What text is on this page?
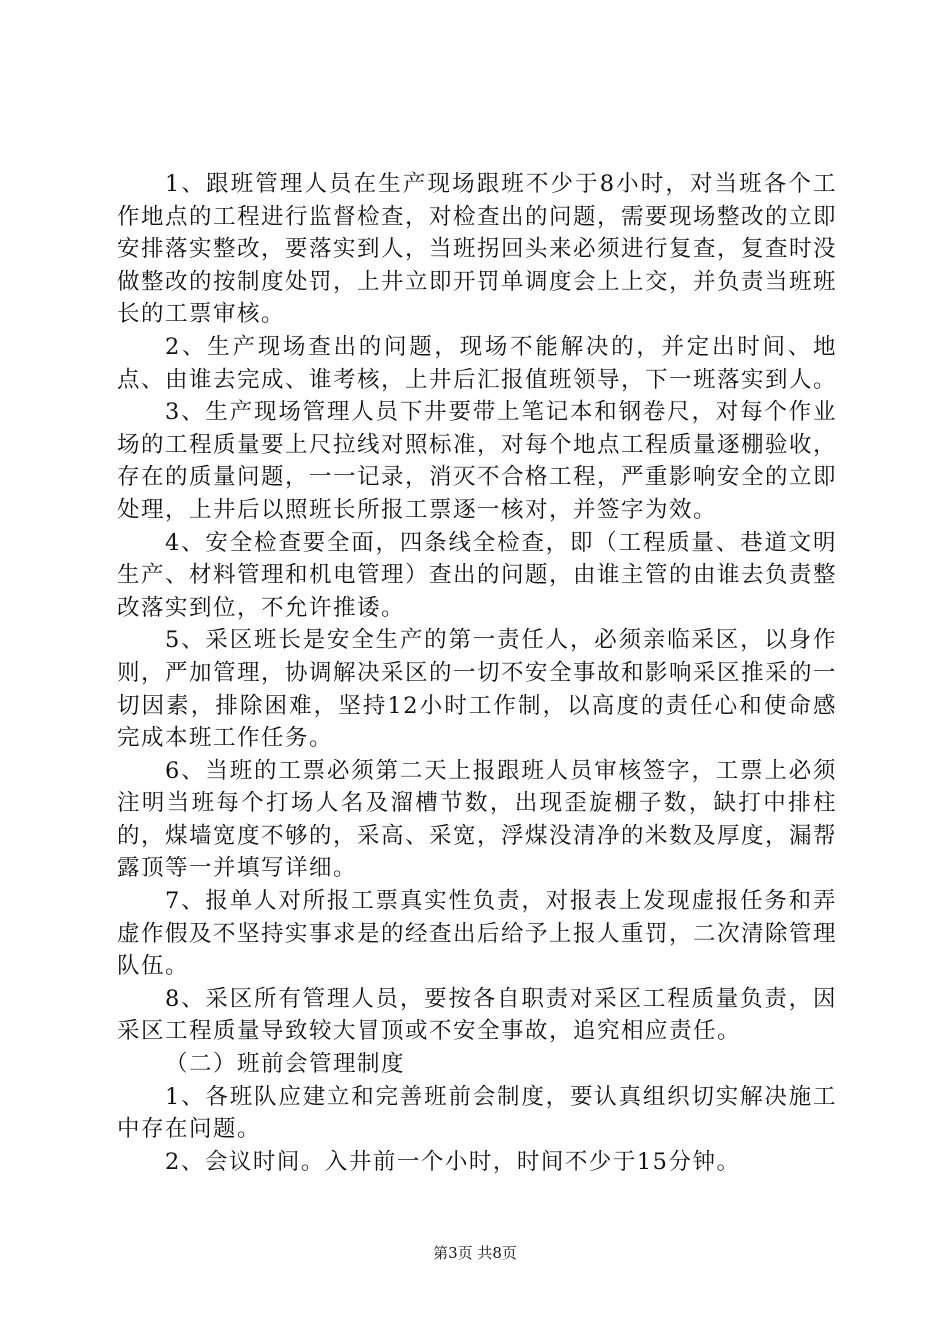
1、跟班管理人员在生产现场跟班不少于8小时，对当班各个工作地点的工程进行监督检查，对检查出的问题，需要现场整改的立即安排落实整改，要落实到人，当班拐回头来必须进行复查，复查时没做整改的按制度处罚，上井立即开罚单调度会上上交，并负责当班班长的工票审核。

2、生产现场查出的问题，现场不能解决的，并定出时间、地点、由谁去完成、谁考核，上井后汇报值班领导，下一班落实到人。

3、生产现场管理人员下井要带上笔记本和钢卷尺，对每个作业场的工程质量要上尺拉线对照标准，对每个地点工程质量逐棚验收，存在的质量问题，一一记录，消灭不合格工程，严重影响安全的立即处理，上井后以照班长所报工票逐一核对，并签字为效。

4、安全检查要全面，四条线全检查，即（工程质量、巷道文明生产、材料管理和机电管理）查出的问题，由谁主管的由谁去负责整改落实到位，不允许推诿。

5、采区班长是安全生产的第一责任人，必须亲临采区，以身作则，严加管理，协调解决采区的一切不安全事故和影响采区推采的一切因素，排除困难，坚持12小时工作制，以高度的责任心和使命感完成本班工作任务。

6、当班的工票必须第二天上报跟班人员审核签字，工票上必须注明当班每个打场人名及溜槽节数，出现歪旋棚子数，缺打中排柱的，煤墙宽度不够的，采高、采宽，浮煤没清净的米数及厚度，漏帮露顶等一并填写详细。

7、报单人对所报工票真实性负责，对报表上发现虚报任务和弄虚作假及不坚持实事求是的经查出后给予上报人重罚，二次清除管理队伍。

8、采区所有管理人员，要按各自职责对采区工程质量负责，因采区工程质量导致较大冒顶或不安全事故，追究相应责任。

（二）班前会管理制度

1、各班队应建立和完善班前会制度，要认真组织切实解决施工中存在问题。

2、会议时间。入井前一个小时，时间不少于15分钟。

第3页 共8页
